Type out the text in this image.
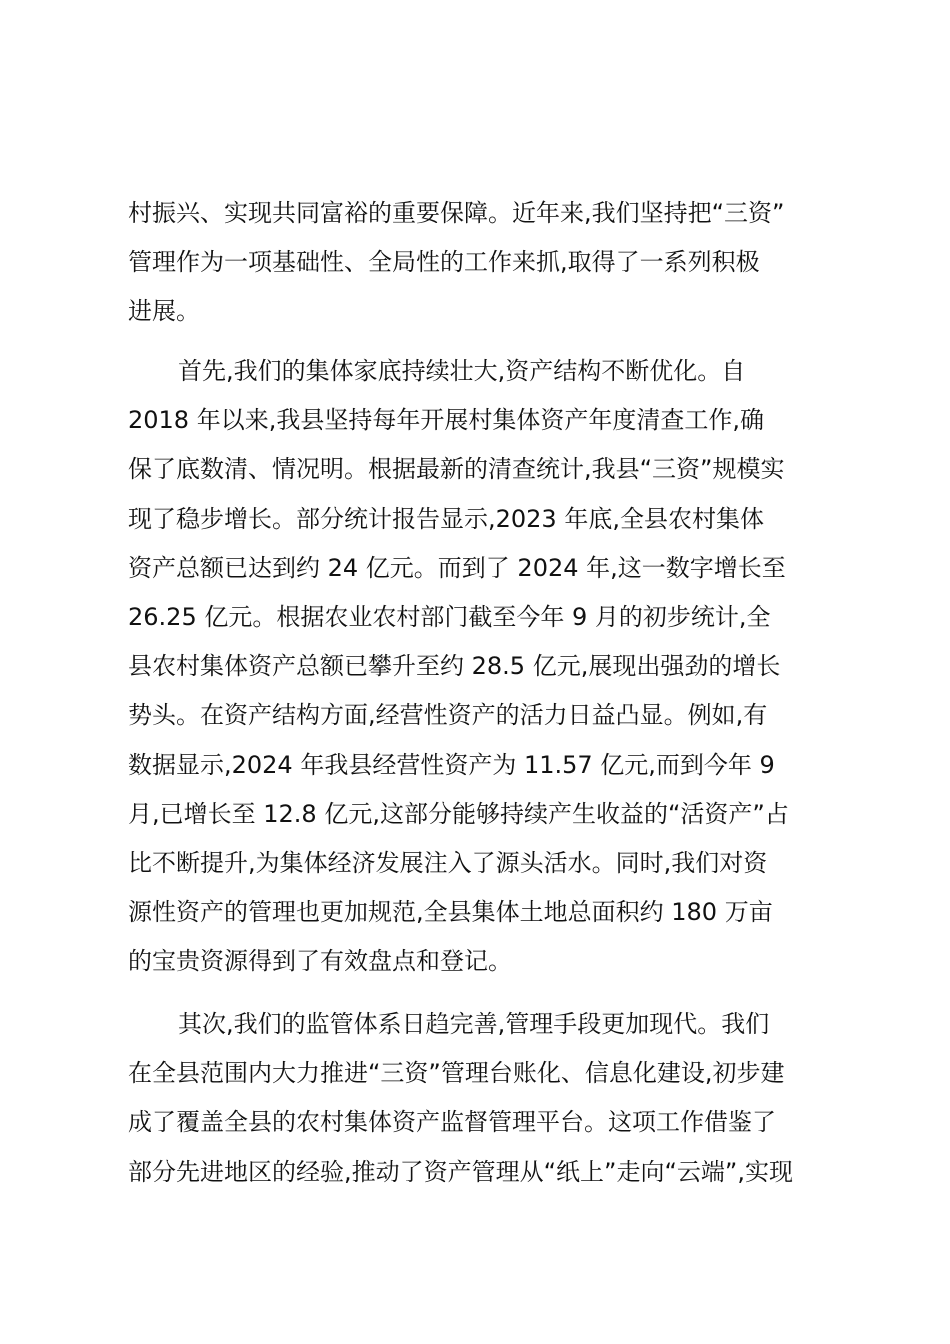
村振兴、实现共同富裕的重要保障。近年来,我们坚持把“三资”
管理作为一项基础性、全局性的工作来抓,取得了一系列积极
进展。
首先,我们的集体家底持续壮大,资产结构不断优化。自
2018 年以来,我县坚持每年开展村集体资产年度清查工作,确
保了底数清、情况明。根据最新的清查统计,我县“三资”规模实
现了稳步增长。部分统计报告显示,2023 年底,全县农村集体
资产总额已达到约 24 亿元。而到了 2024 年,这一数字增长至
26.25 亿元。根据农业农村部门截至今年 9 月的初步统计,全
县农村集体资产总额已攀升至约 28.5 亿元,展现出强劲的增长
势头。在资产结构方面,经营性资产的活力日益凸显。例如,有
数据显示,2024 年我县经营性资产为 11.57 亿元,而到今年 9
月,已增长至 12.8 亿元,这部分能够持续产生收益的“活资产”占
比不断提升,为集体经济发展注入了源头活水。同时,我们对资
源性资产的管理也更加规范,全县集体土地总面积约 180 万亩
的宝贵资源得到了有效盘点和登记。
其次,我们的监管体系日趋完善,管理手段更加现代。我们
在全县范围内大力推进“三资”管理台账化、信息化建设,初步建
成了覆盖全县的农村集体资产监督管理平台。这项工作借鉴了
部分先进地区的经验,推动了资产管理从“纸上”走向“云端”,实现
